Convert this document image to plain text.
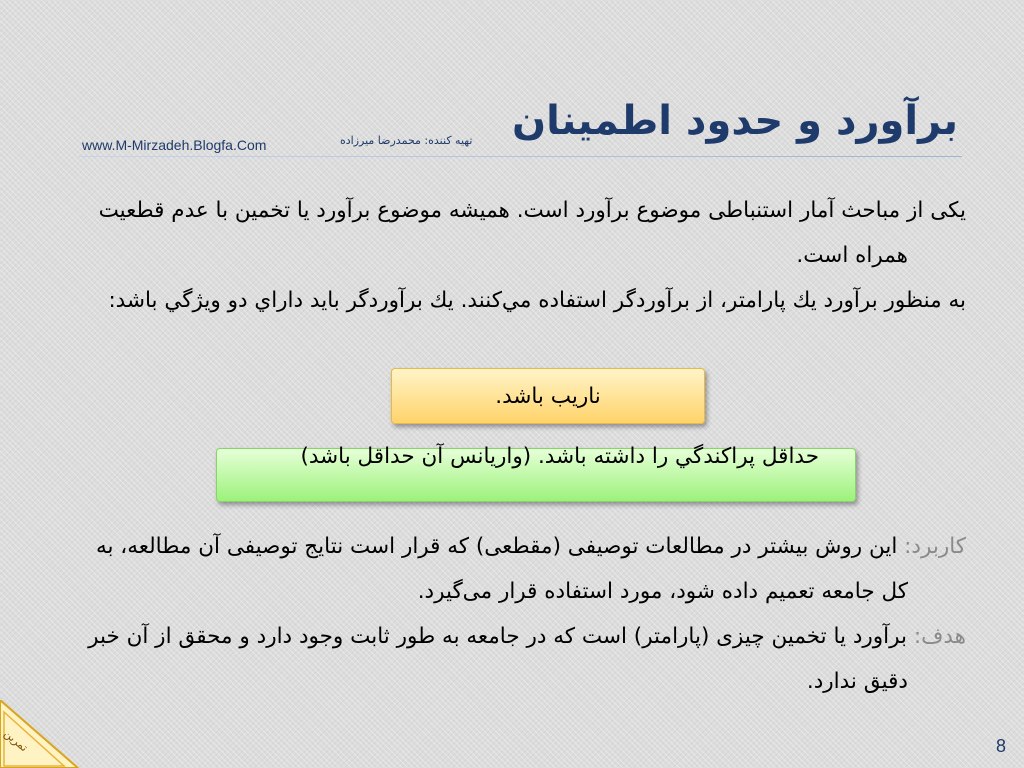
برآورد و حدود اطمینان
تهیه کننده: محمدرضا میرزاده
www.M-Mirzadeh.Blogfa.Com

یکی از مباحث آمار استنباطی موضوع برآورد است. همیشه موضوع برآورد یا تخمین با عدم قطعیت همراه است.

به منظور برآورد يك پارامتر، از برآوردگر استفاده مي‌كنند. يك برآوردگر بايد داراي دو ويژگي باشد:

ناريب باشد.
حداقل پراكندگي را داشته باشد. (واريانس آن حداقل باشد)

كاربرد: این روش بیشتر در مطالعات توصیفی (مقطعی) که قرار است نتایج توصیفی آن مطالعه، به کل جامعه تعمیم داده شود، مورد استفاده قرار می‌گیرد.

هدف: برآورد یا تخمین چیزی (پارامتر) است که در جامعه به طور ثابت وجود دارد و محقق از آن خبر دقیق ندارد.

تمرین	8
